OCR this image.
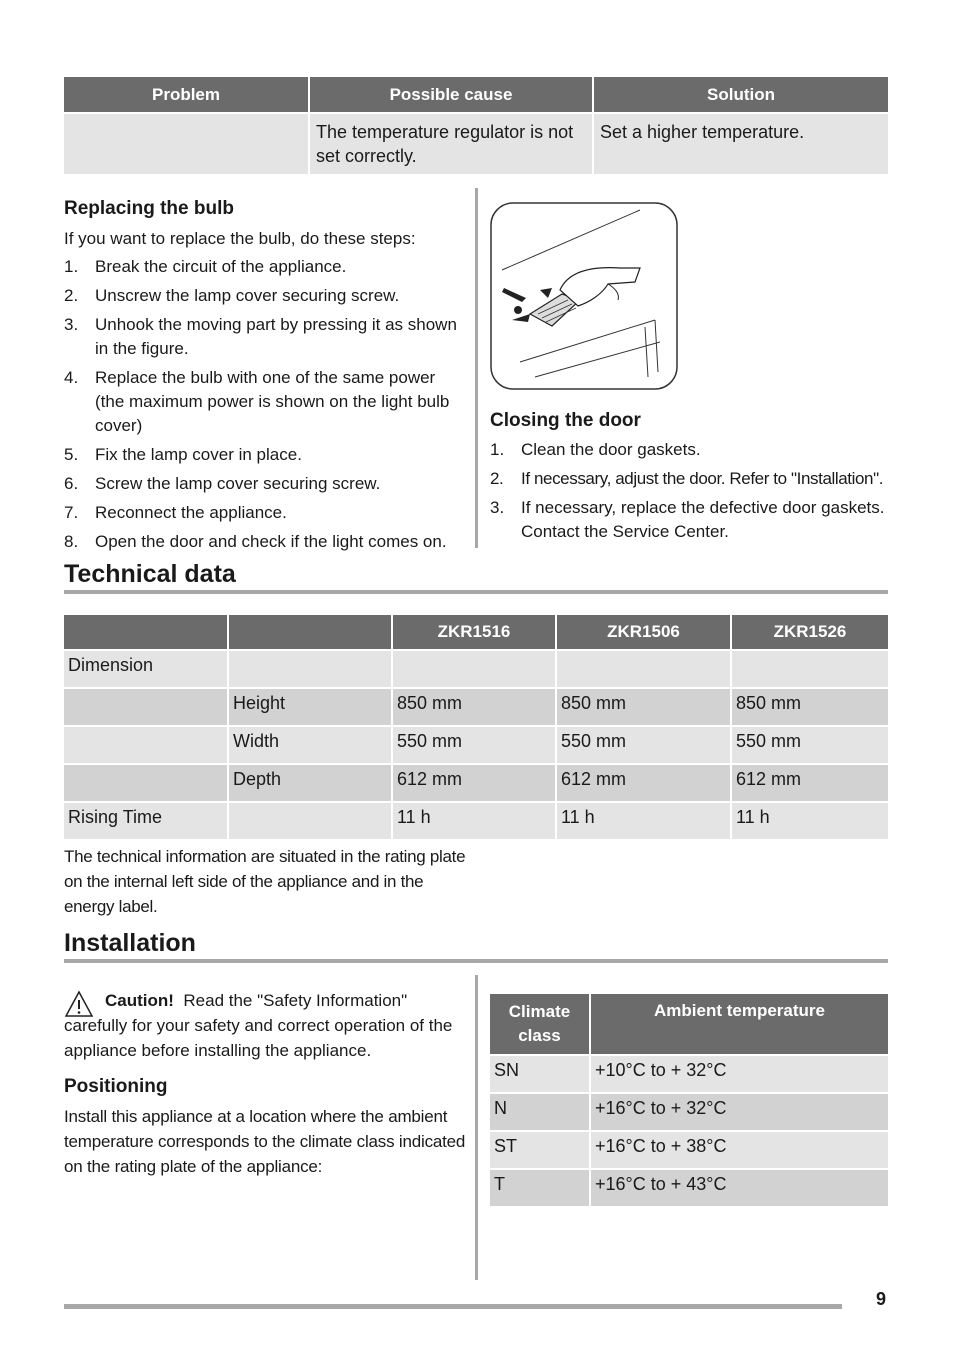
Problem	Possible cause	Solution
	The temperature regulator is not set correctly.	Set a higher temperature.
Replacing the bulb

If you want to replace the bulb, do these steps:

1. Break the circuit of the appliance.
2. Unscrew the lamp cover securing screw.
3. Unhook the moving part by pressing it as shown in the figure.
4. Replace the bulb with one of the same power (the maximum power is shown on the light bulb cover)
5. Fix the lamp cover in place.
6. Screw the lamp cover securing screw.
7. Reconnect the appliance.
8. Open the door and check if the light comes on.
Closing the door
1. Clean the door gaskets.
2. If necessary, adjust the door. Refer to "Installation".
3. If necessary, replace the defective door gaskets. Contact the Service Center.
Technical data
		ZKR1516	ZKR1506	ZKR1526
Dimension				
	Height	850 mm	850 mm	850 mm
	Width	550 mm	550 mm	550 mm
	Depth	612 mm	612 mm	612 mm
Rising Time		11 h	11 h	11 h

The technical information are situated in the rating plate on the internal left side of the appliance and in the energy label.

Installation

Caution! Read the "Safety Information" carefully for your safety and correct operation of the appliance before installing the appliance.

Positioning

Install this appliance at a location where the ambient temperature corresponds to the climate class indicated on the rating plate of the appliance:

Climate class	Ambient temperature
SN	+10°C to + 32°C
N	+16°C to + 32°C
ST	+16°C to + 38°C
T	+16°C to + 43°C
9
